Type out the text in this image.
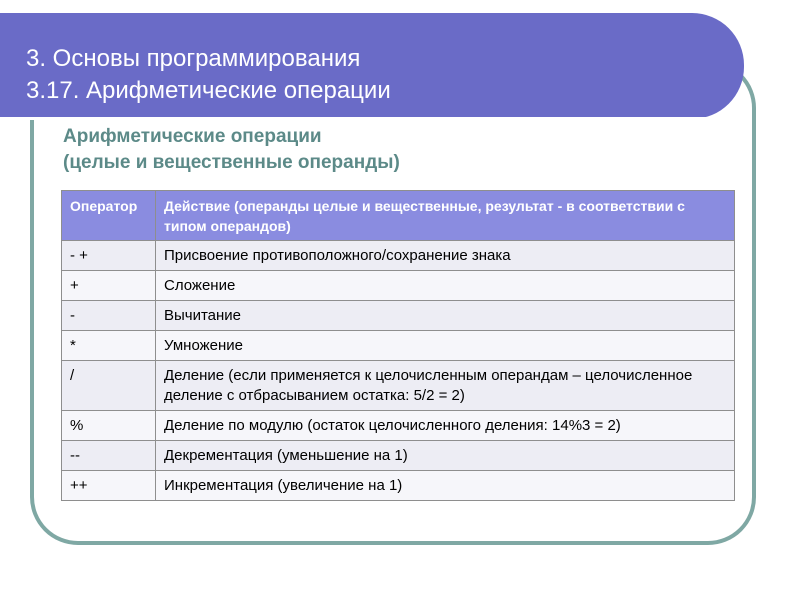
3. Основы программирования
3.17. Арифметические операции
Арифметические операции
(целые и вещественные операнды)
Оператор	Действие (операнды целые и вещественные, результат - в соответствии с типом операндов)
- +	Присвоение противоположного/сохранение знака
+	Сложение
-	Вычитание
*	Умножение
/	Деление (если применяется к целочисленным операндам – целочисленное деление с отбрасыванием остатка: 5/2 = 2)
%	Деление по модулю (остаток целочисленного деления: 14%3 = 2)
--	Декрементация (уменьшение на 1)
++	Инкрементация (увеличение на 1)
